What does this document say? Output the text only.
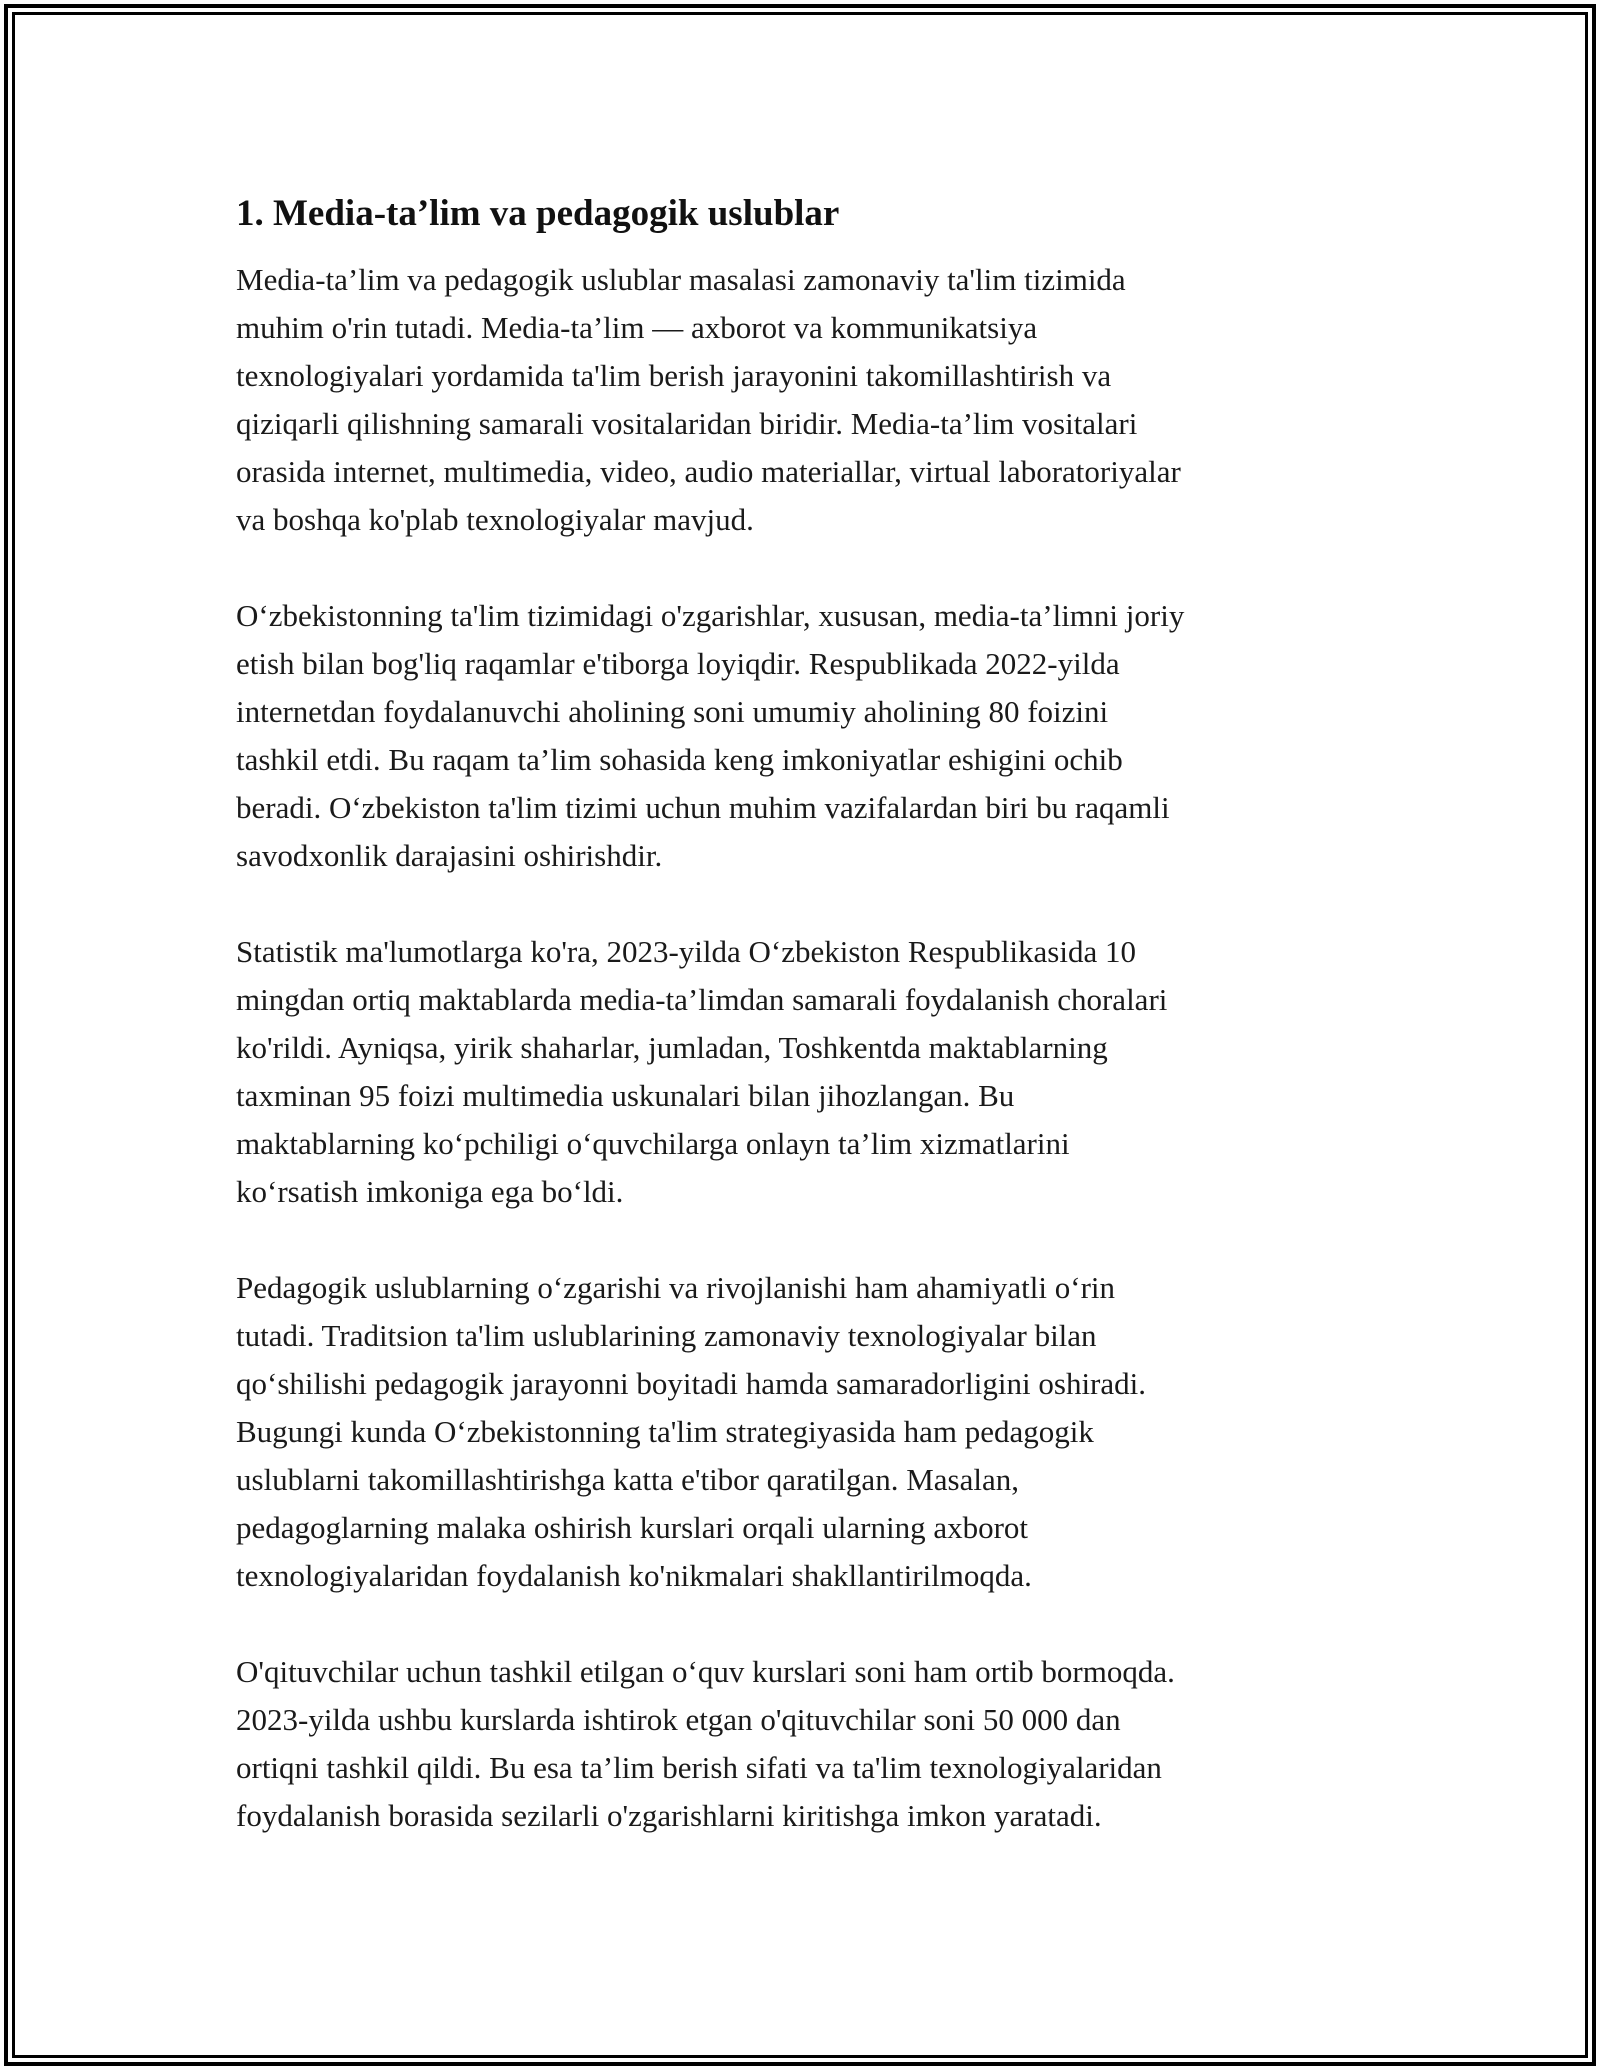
1. Media-ta’lim va pedagogik uslublar

Media-ta’lim va pedagogik uslublar masalasi zamonaviy ta'lim tizimida
muhim o'rin tutadi. Media-ta’lim — axborot va kommunikatsiya
texnologiyalari yordamida ta'lim berish jarayonini takomillashtirish va
qiziqarli qilishning samarali vositalaridan biridir. Media-ta’lim vositalari
orasida internet, multimedia, video, audio materiallar, virtual laboratoriyalar
va boshqa ko'plab texnologiyalar mavjud.

O‘zbekistonning ta'lim tizimidagi o'zgarishlar, xususan, media-ta’limni joriy
etish bilan bog'liq raqamlar e'tiborga loyiqdir. Respublikada 2022-yilda
internetdan foydalanuvchi aholining soni umumiy aholining 80 foizini
tashkil etdi. Bu raqam ta’lim sohasida keng imkoniyatlar eshigini ochib
beradi. O‘zbekiston ta'lim tizimi uchun muhim vazifalardan biri bu raqamli
savodxonlik darajasini oshirishdir.

Statistik ma'lumotlarga ko'ra, 2023-yilda O‘zbekiston Respublikasida 10
mingdan ortiq maktablarda media-ta’limdan samarali foydalanish choralari
ko'rildi. Ayniqsa, yirik shaharlar, jumladan, Toshkentda maktablarning
taxminan 95 foizi multimedia uskunalari bilan jihozlangan. Bu
maktablarning ko‘pchiligi o‘quvchilarga onlayn ta’lim xizmatlarini
ko‘rsatish imkoniga ega bo‘ldi.

Pedagogik uslublarning o‘zgarishi va rivojlanishi ham ahamiyatli o‘rin
tutadi. Traditsion ta'lim uslublarining zamonaviy texnologiyalar bilan
qo‘shilishi pedagogik jarayonni boyitadi hamda samaradorligini oshiradi.
Bugungi kunda O‘zbekistonning ta'lim strategiyasida ham pedagogik
uslublarni takomillashtirishga katta e'tibor qaratilgan. Masalan,
pedagoglarning malaka oshirish kurslari orqali ularning axborot
texnologiyalaridan foydalanish ko'nikmalari shakllantirilmoqda.

O'qituvchilar uchun tashkil etilgan o‘quv kurslari soni ham ortib bormoqda.
2023-yilda ushbu kurslarda ishtirok etgan o'qituvchilar soni 50 000 dan
ortiqni tashkil qildi. Bu esa ta’lim berish sifati va ta'lim texnologiyalaridan
foydalanish borasida sezilarli o'zgarishlarni kiritishga imkon yaratadi.
